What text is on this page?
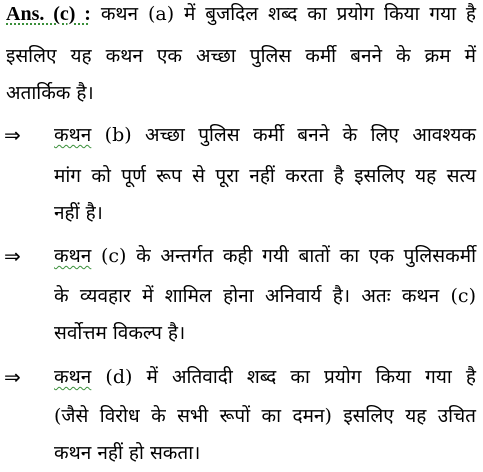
Ans. (c) : कथन (a) में बुजदिल शब्द का प्रयोग किया गया है
इसलिए यह कथन एक अच्छा पुलिस कर्मी बनने के क्रम में
अतार्किक है।
⇒ कथन (b) अच्छा पुलिस कर्मी बनने के लिए आवश्यक
मांग को पूर्ण रूप से पूरा नहीं करता है इसलिए यह सत्य
नहीं है।
⇒ कथन (c) के अन्तर्गत कही गयी बातों का एक पुलिसकर्मी
के व्यवहार में शामिल होना अनिवार्य है। अतः कथन (c)
सर्वोत्तम विकल्प है।
⇒ कथन (d) में अतिवादी शब्द का प्रयोग किया गया है
(जैसे विरोध के सभी रूपों का दमन) इसलिए यह उचित
कथन नहीं हो सकता।
